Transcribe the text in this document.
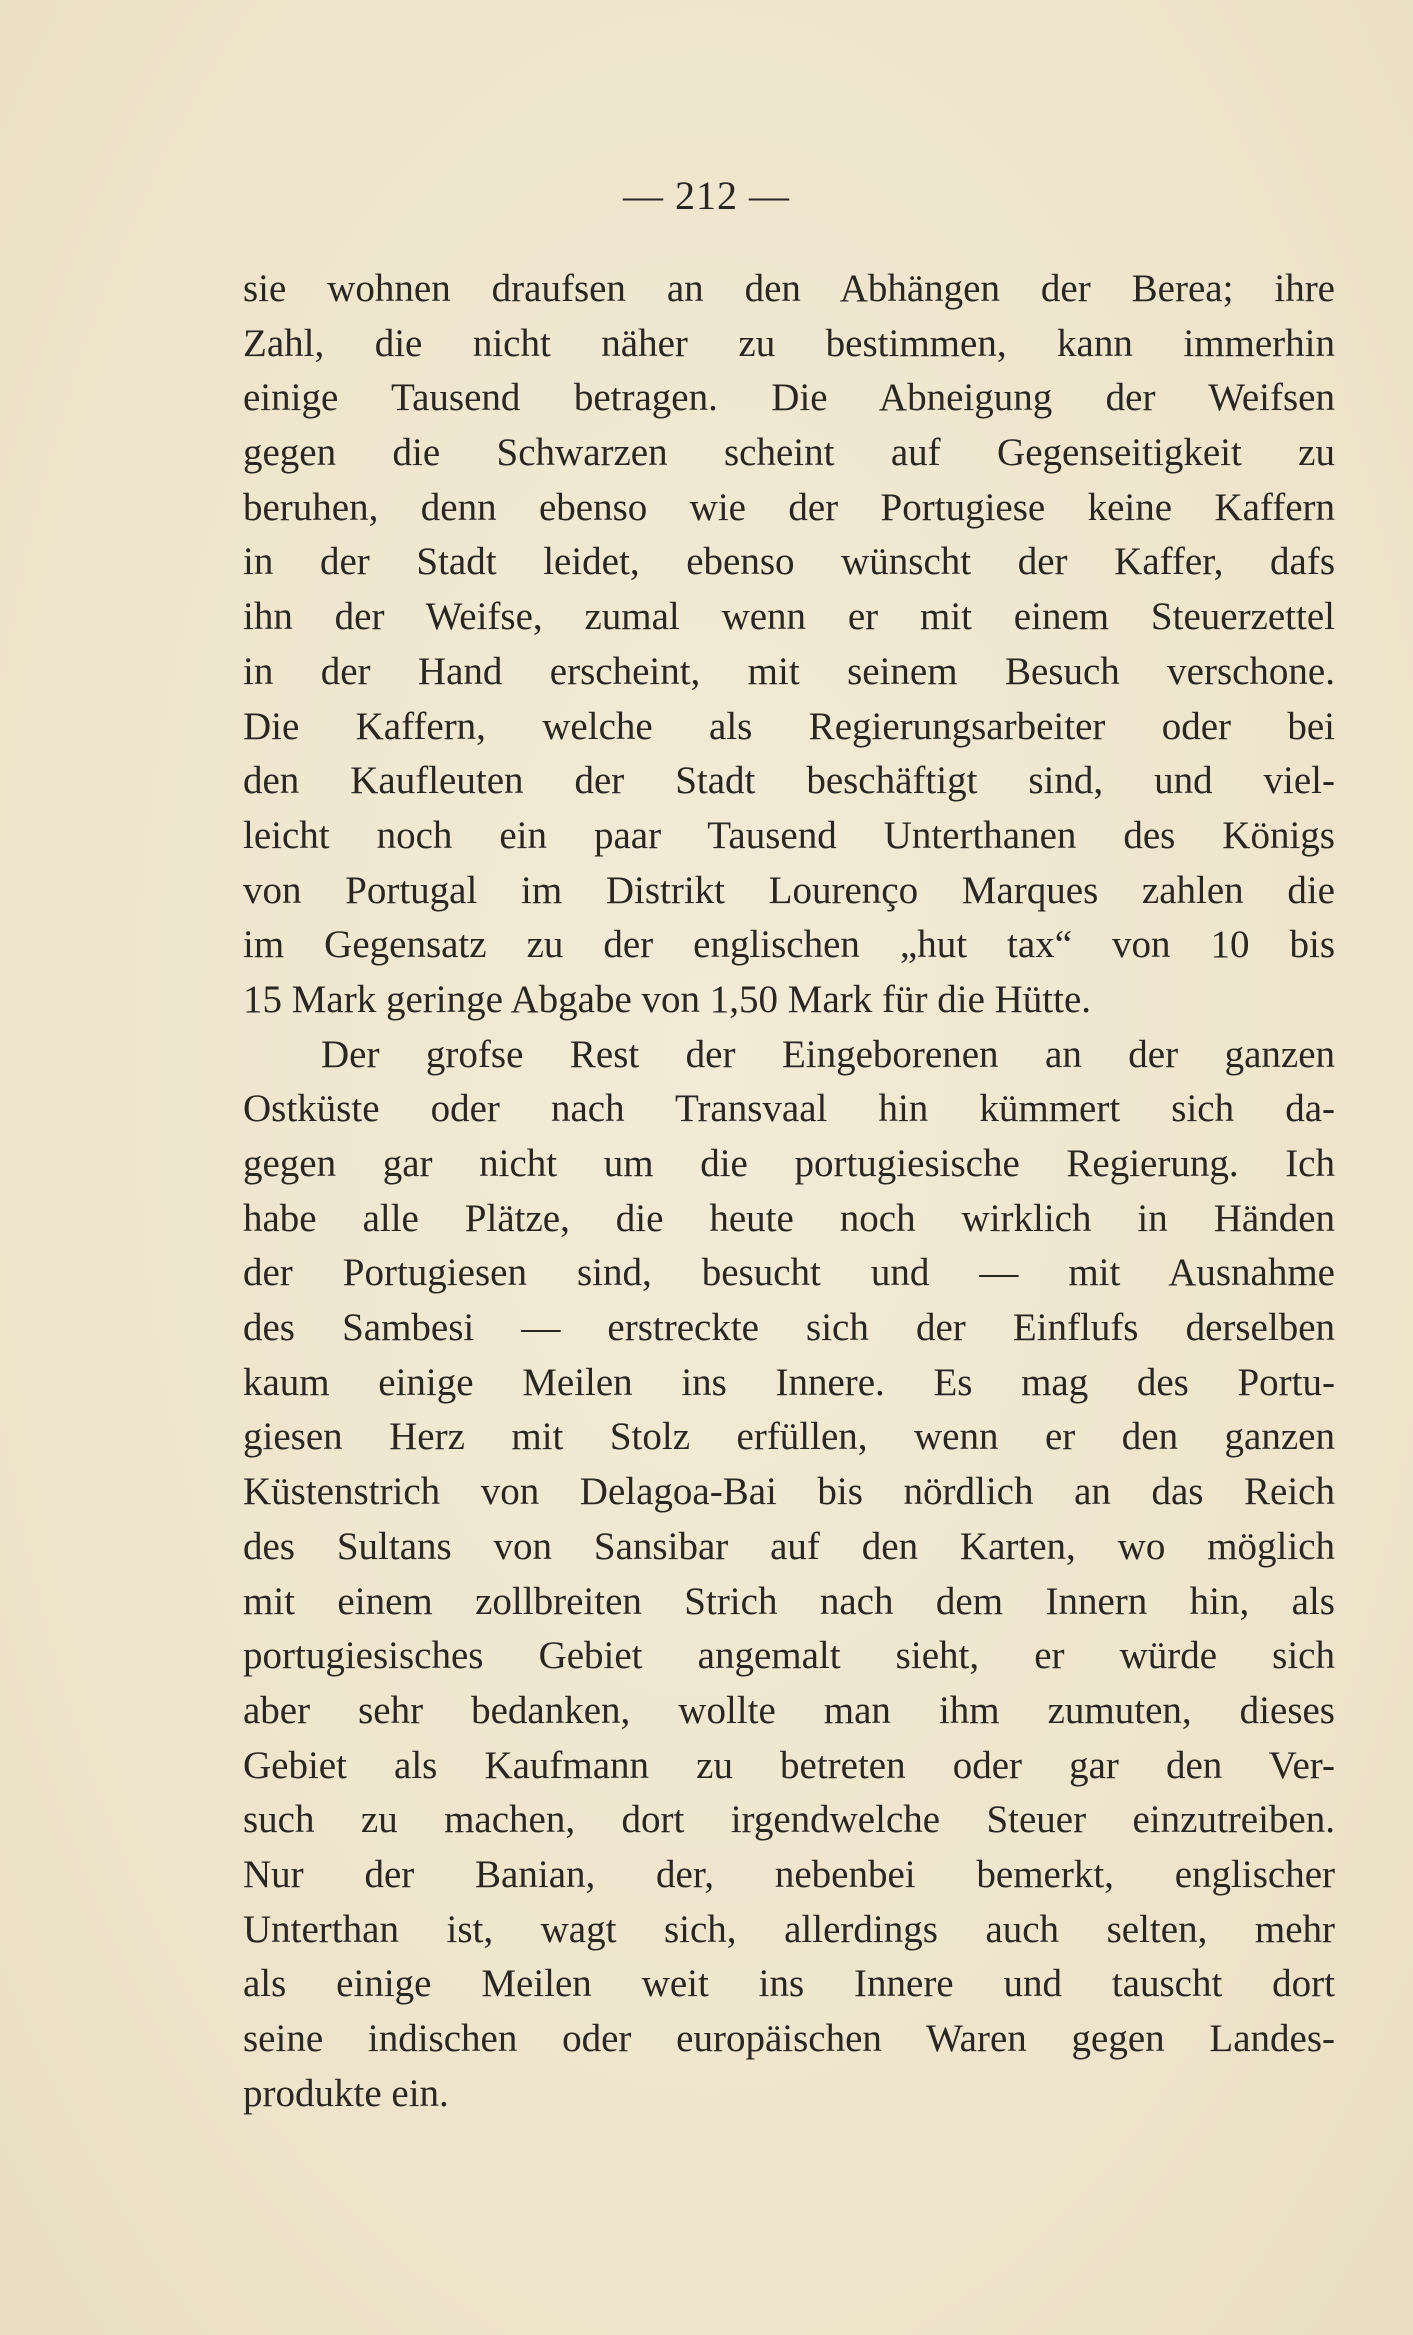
— 212 —
sie wohnen draufsen an den Abhängen der Berea; ihre
Zahl, die nicht näher zu bestimmen, kann immerhin
einige Tausend betragen. Die Abneigung der Weifsen
gegen die Schwarzen scheint auf Gegenseitigkeit zu
beruhen, denn ebenso wie der Portugiese keine Kaffern
in der Stadt leidet, ebenso wünscht der Kaffer, dafs
ihn der Weifse, zumal wenn er mit einem Steuerzettel
in der Hand erscheint, mit seinem Besuch verschone.
Die Kaffern, welche als Regierungsarbeiter oder bei
den Kaufleuten der Stadt beschäftigt sind, und viel-
leicht noch ein paar Tausend Unterthanen des Königs
von Portugal im Distrikt Lourenço Marques zahlen die
im Gegensatz zu der englischen „hut tax“ von 10 bis
15 Mark geringe Abgabe von 1,50 Mark für die Hütte.
Der grofse Rest der Eingeborenen an der ganzen
Ostküste oder nach Transvaal hin kümmert sich da-
gegen gar nicht um die portugiesische Regierung. Ich
habe alle Plätze, die heute noch wirklich in Händen
der Portugiesen sind, besucht und — mit Ausnahme
des Sambesi — erstreckte sich der Einflufs derselben
kaum einige Meilen ins Innere. Es mag des Portu-
giesen Herz mit Stolz erfüllen, wenn er den ganzen
Küstenstrich von Delagoa-Bai bis nördlich an das Reich
des Sultans von Sansibar auf den Karten, wo möglich
mit einem zollbreiten Strich nach dem Innern hin, als
portugiesisches Gebiet angemalt sieht, er würde sich
aber sehr bedanken, wollte man ihm zumuten, dieses
Gebiet als Kaufmann zu betreten oder gar den Ver-
such zu machen, dort irgendwelche Steuer einzutreiben.
Nur der Banian, der, nebenbei bemerkt, englischer
Unterthan ist, wagt sich, allerdings auch selten, mehr
als einige Meilen weit ins Innere und tauscht dort
seine indischen oder europäischen Waren gegen Landes-
produkte ein.
